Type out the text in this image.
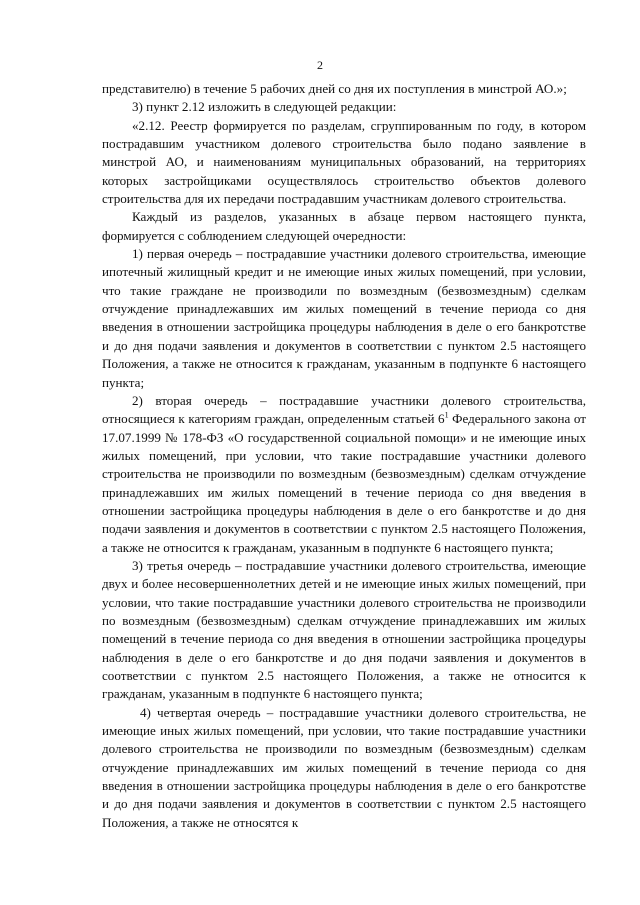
2

представителю) в течение 5 рабочих дней со дня их поступления в минстрой АО.»;

3) пункт 2.12 изложить в следующей редакции:

«2.12. Реестр формируется по разделам, сгруппированным по году, в котором пострадавшим участником долевого строительства было подано заявление в минстрой АО, и наименованиям муниципальных образований, на территориях которых застройщиками осуществлялось строительство объектов долевого строительства для их передачи пострадавшим участникам долевого строительства.

Каждый из разделов, указанных в абзаце первом настоящего пункта, формируется с соблюдением следующей очередности:

1) первая очередь – пострадавшие участники долевого строительства, имеющие ипотечный жилищный кредит и не имеющие иных жилых помещений, при условии, что такие граждане не производили по возмездным (безвозмездным) сделкам отчуждение принадлежавших им жилых помещений в течение периода со дня введения в отношении застройщика процедуры наблюдения в деле о его банкротстве и до дня подачи заявления и документов в соответствии с пунктом 2.5 настоящего Положения, а также не относится к гражданам, указанным в подпункте 6 настоящего пункта;

2) вторая очередь – пострадавшие участники долевого строительства, относящиеся к категориям граждан, определенным статьей $6^1$ Федерального закона от 17.07.1999 № 178-ФЗ «О государственной социальной помощи» и не имеющие иных жилых помещений, при условии, что такие пострадавшие участники долевого строительства не производили по возмездным (безвозмездным) сделкам отчуждение принадлежавших им жилых помещений в течение периода со дня введения в отношении застройщика процедуры наблюдения в деле о его банкротстве и до дня подачи заявления и документов в соответствии с пунктом 2.5 настоящего Положения, а также не относится к гражданам, указанным в подпункте 6 настоящего пункта;

3) третья очередь – пострадавшие участники долевого строительства, имеющие двух и более несовершеннолетних детей и не имеющие иных жилых помещений, при условии, что такие пострадавшие участники долевого строительства не производили по возмездным (безвозмездным) сделкам отчуждение принадлежавших им жилых помещений в течение периода со дня введения в отношении застройщика процедуры наблюдения в деле о его банкротстве и до дня подачи заявления и документов в соответствии с пунктом 2.5 настоящего Положения, а также не относится к гражданам, указанным в подпункте 6 настоящего пункта;

4) четвертая очередь – пострадавшие участники долевого строительства, не имеющие иных жилых помещений, при условии, что такие пострадавшие участники долевого строительства не производили по возмездным (безвозмездным) сделкам отчуждение принадлежавших им жилых помещений в течение периода со дня введения в отношении застройщика процедуры наблюдения в деле о его банкротстве и до дня подачи заявления и документов в соответствии с пунктом 2.5 настоящего Положения, а также не относятся к
